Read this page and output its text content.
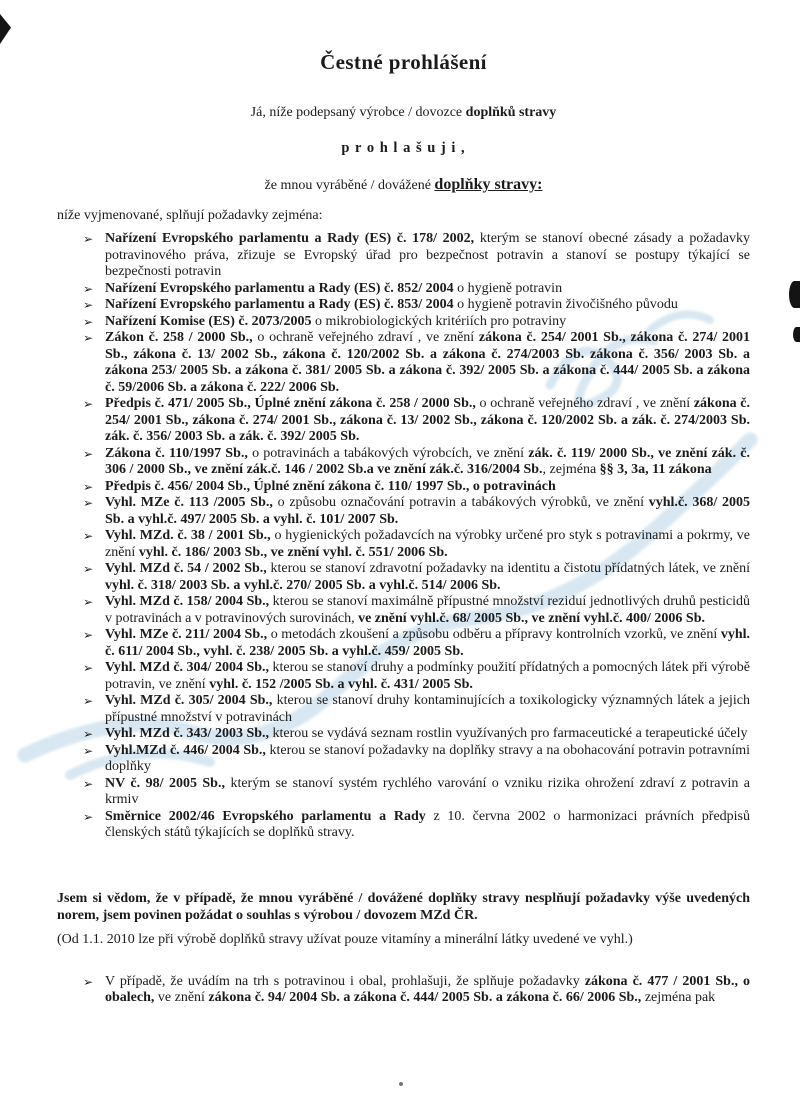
Čestné prohlášení

Já, níže podepsaný výrobce / dovozce doplňků stravy

p r o h l a š u j i ,

že mnou vyráběné / dovážené doplňky stravy:

níže vyjmenované, splňují požadavky zejména:

➢ Nařízení Evropského parlamentu a Rady (ES) č. 178/ 2002, kterým se stanoví obecné zásady a požadavky potravinového práva, zřizuje se Evropský úřad pro bezpečnost potravin a stanoví se postupy týkající se bezpečnosti potravin
➢ Nařízení Evropského parlamentu a Rady (ES) č. 852/ 2004 o hygieně potravin
➢ Nařízení Evropského parlamentu a Rady (ES) č. 853/ 2004 o hygieně potravin živočišného původu
➢ Nařízení Komise (ES) č. 2073/2005 o mikrobiologických kritériích pro potraviny
➢ Zákon č. 258 / 2000 Sb., o ochraně veřejného zdraví , ve znění zákona č. 254/ 2001 Sb., zákona č. 274/ 2001 Sb., zákona č. 13/ 2002 Sb., zákona č. 120/2002 Sb. a zákona č. 274/2003 Sb. zákona č. 356/ 2003 Sb. a zákona 253/ 2005 Sb. a zákona č. 381/ 2005 Sb. a zákona č. 392/ 2005 Sb. a zákona č. 444/ 2005 Sb. a zákona č. 59/2006 Sb. a zákona č. 222/ 2006 Sb.
➢ Předpis č. 471/ 2005 Sb., Úplné znění zákona č. 258 / 2000 Sb., o ochraně veřejného zdraví , ve znění zákona č. 254/ 2001 Sb., zákona č. 274/ 2001 Sb., zákona č. 13/ 2002 Sb., zákona č. 120/2002 Sb. a zák. č. 274/2003 Sb. zák. č. 356/ 2003 Sb. a zák. č. 392/ 2005 Sb.
➢ Zákona č. 110/1997 Sb., o potravinách a tabákových výrobcích, ve znění zák. č. 119/ 2000 Sb., ve znění zák. č. 306 / 2000 Sb., ve znění zák.č. 146 / 2002 Sb.a ve znění zák.č. 316/2004 Sb., zejména §§ 3, 3a, 11 zákona
➢ Předpis č. 456/ 2004 Sb., Úplné znění zákona č. 110/ 1997 Sb., o potravinách
➢ Vyhl. MZe č. 113 /2005 Sb., o způsobu označování potravin a tabákových výrobků, ve znění vyhl.č. 368/ 2005 Sb. a vyhl.č. 497/ 2005 Sb. a vyhl. č. 101/ 2007 Sb.
➢ Vyhl. MZd. č. 38 / 2001 Sb., o hygienických požadavcích na výrobky určené pro styk s potravinami a pokrmy, ve znění vyhl. č. 186/ 2003 Sb., ve znění vyhl. č. 551/ 2006 Sb.
➢ Vyhl. MZd č. 54 / 2002 Sb., kterou se stanoví zdravotní požadavky na identitu a čistotu přídatných látek, ve znění vyhl. č. 318/ 2003 Sb. a vyhl.č. 270/ 2005 Sb. a vyhl.č. 514/ 2006 Sb.
➢ Vyhl. MZd č. 158/ 2004 Sb., kterou se stanoví maximálně přípustné množství reziduí jednotlivých druhů pesticidů v potravinách a v potravinových surovinách, ve znění vyhl.č. 68/ 2005 Sb., ve znění vyhl.č. 400/ 2006 Sb.
➢ Vyhl. MZe č. 211/ 2004 Sb., o metodách zkoušení a způsobu odběru a přípravy kontrolních vzorků, ve znění vyhl. č. 611/ 2004 Sb., vyhl. č. 238/ 2005 Sb. a vyhl.č. 459/ 2005 Sb.
➢ Vyhl. MZd č. 304/ 2004 Sb., kterou se stanoví druhy a podmínky použití přídatných a pomocných látek při výrobě potravin, ve znění vyhl. č. 152 /2005 Sb. a vyhl. č. 431/ 2005 Sb.
➢ Vyhl. MZd č. 305/ 2004 Sb., kterou se stanoví druhy kontaminujících a toxikologicky významných látek a jejich přípustné množství v potravinách
➢ Vyhl. MZd č. 343/ 2003 Sb., kterou se vydává seznam rostlin využívaných pro farmaceutické a terapeutické účely
➢ Vyhl.MZd č. 446/ 2004 Sb., kterou se stanoví požadavky na doplňky stravy a na obohacování potravin potravními doplňky
➢ NV č. 98/ 2005 Sb., kterým se stanoví systém rychlého varování o vzniku rizika ohrožení zdraví z potravin a krmiv
➢ Směrnice 2002/46 Evropského parlamentu a Rady z 10. června 2002 o harmonizaci právních předpisů členských států týkajících se doplňků stravy.

Jsem si vědom, že v případě, že mnou vyráběné / dovážené doplňky stravy nesplňují požadavky výše uvedených norem, jsem povinen požádat o souhlas s výrobou / dovozem MZd ČR.

(Od 1.1. 2010 lze při výrobě doplňků stravy užívat pouze vitamíny a minerální látky uvedené ve vyhl.)

➢ V případě, že uvádím na trh s potravinou i obal, prohlašuji, že splňuje požadavky zákona č. 477 / 2001 Sb., o obalech, ve znění zákona č. 94/ 2004 Sb. a zákona č. 444/ 2005 Sb. a zákona č. 66/ 2006 Sb., zejména pak
